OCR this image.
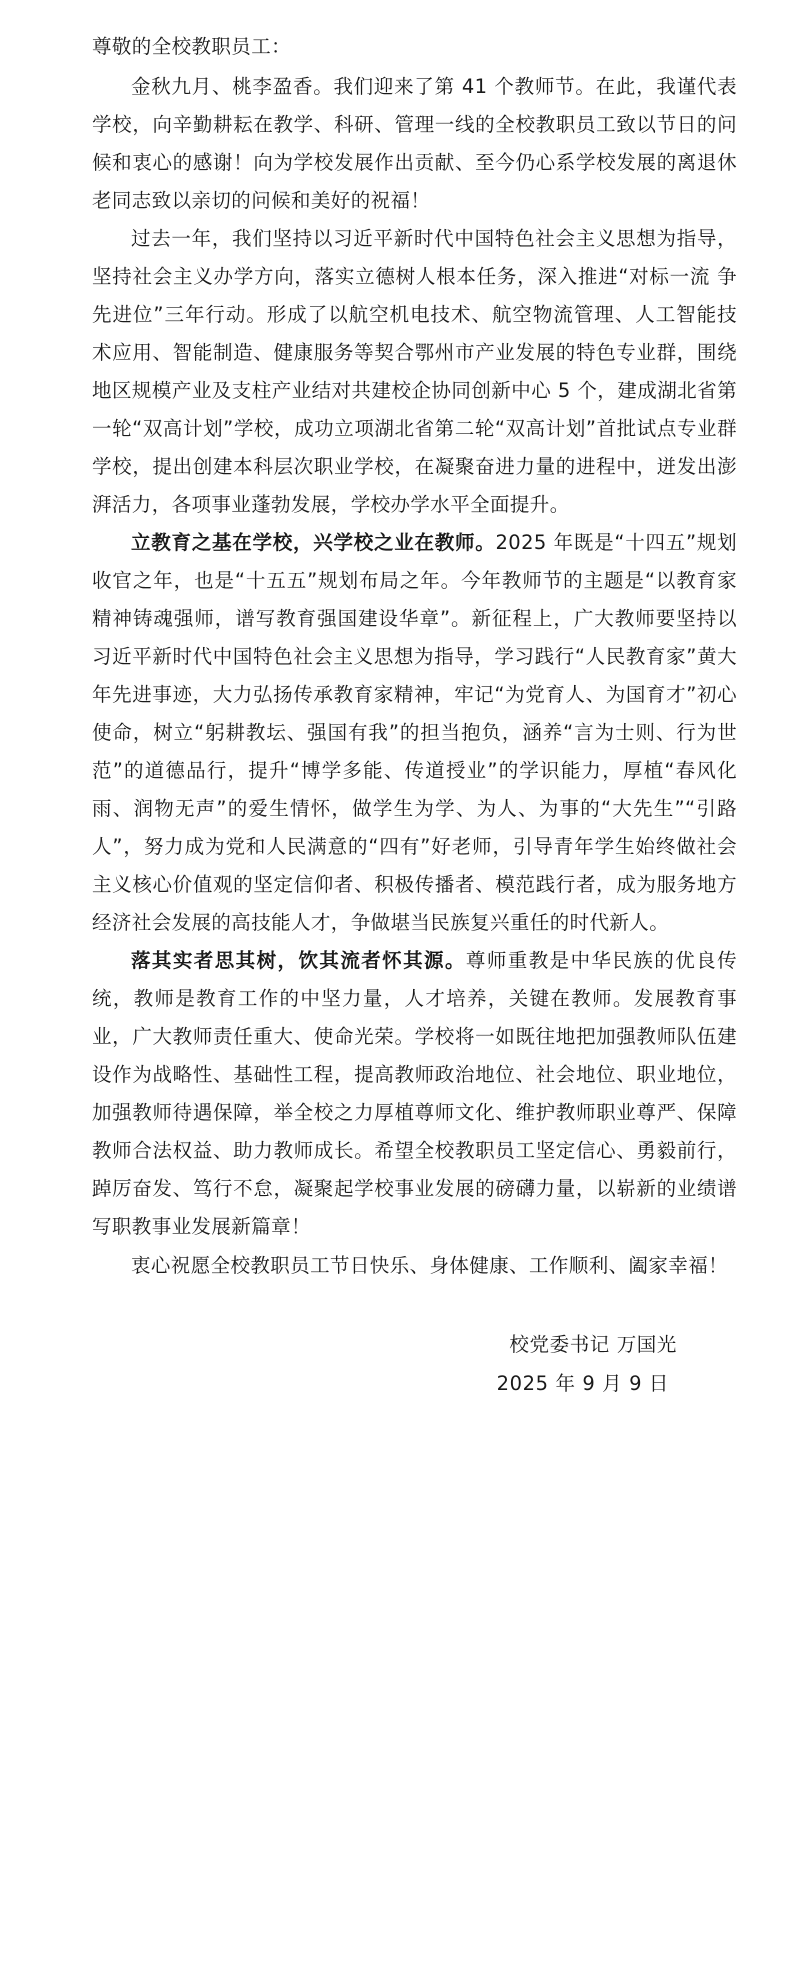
尊敬的全校教职员工：

金秋九月、桃李盈香。我们迎来了第 41 个教师节。在此，我谨代表学校，向辛勤耕耘在教学、科研、管理一线的全校教职员工致以节日的问候和衷心的感谢！向为学校发展作出贡献、至今仍心系学校发展的离退休老同志致以亲切的问候和美好的祝福！

过去一年，我们坚持以习近平新时代中国特色社会主义思想为指导，坚持社会主义办学方向，落实立德树人根本任务，深入推进“对标一流 争先进位”三年行动。形成了以航空机电技术、航空物流管理、人工智能技术应用、智能制造、健康服务等契合鄂州市产业发展的特色专业群，围绕地区规模产业及支柱产业结对共建校企协同创新中心 5 个，建成湖北省第一轮“双高计划”学校，成功立项湖北省第二轮“双高计划”首批试点专业群学校，提出创建本科层次职业学校，在凝聚奋进力量的进程中，迸发出澎湃活力，各项事业蓬勃发展，学校办学水平全面提升。

立教育之基在学校，兴学校之业在教师。2025 年既是“十四五”规划收官之年，也是“十五五”规划布局之年。今年教师节的主题是“以教育家精神铸魂强师，谱写教育强国建设华章”。新征程上，广大教师要坚持以习近平新时代中国特色社会主义思想为指导，学习践行“人民教育家”黄大年先进事迹，大力弘扬传承教育家精神，牢记“为党育人、为国育才”初心使命，树立“躬耕教坛、强国有我”的担当抱负，涵养“言为士则、行为世范”的道德品行，提升“博学多能、传道授业”的学识能力，厚植“春风化雨、润物无声”的爱生情怀，做学生为学、为人、为事的“大先生”“引路人”，努力成为党和人民满意的“四有”好老师，引导青年学生始终做社会主义核心价值观的坚定信仰者、积极传播者、模范践行者，成为服务地方经济社会发展的高技能人才，争做堪当民族复兴重任的时代新人。

落其实者思其树，饮其流者怀其源。尊师重教是中华民族的优良传统，教师是教育工作的中坚力量，人才培养，关键在教师。发展教育事业，广大教师责任重大、使命光荣。学校将一如既往地把加强教师队伍建设作为战略性、基础性工程，提高教师政治地位、社会地位、职业地位，加强教师待遇保障，举全校之力厚植尊师文化、维护教师职业尊严、保障教师合法权益、助力教师成长。希望全校教职员工坚定信心、勇毅前行，踔厉奋发、笃行不怠，凝聚起学校事业发展的磅礴力量，以崭新的业绩谱写职教事业发展新篇章！

衷心祝愿全校教职员工节日快乐、身体健康、工作顺利、阖家幸福！

校党委书记 万国光
2025 年 9 月 9 日
